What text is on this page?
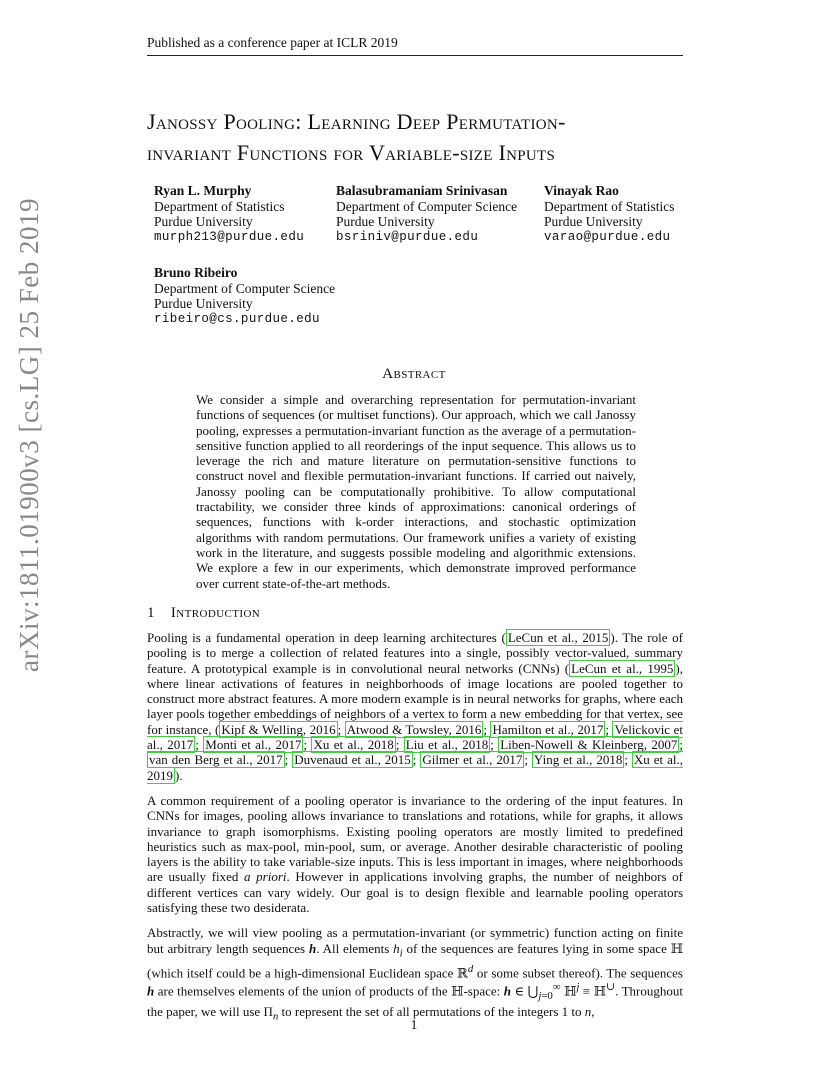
Published as a conference paper at ICLR 2019
Janossy Pooling: Learning Deep Permutation-
invariant Functions for Variable-size Inputs
Ryan L. Murphy
Department of Statistics
Purdue University
murph213@purdue.edu
Balasubramaniam Srinivasan
Department of Computer Science
Purdue University
bsriniv@purdue.edu
Vinayak Rao
Department of Statistics
Purdue University
varao@purdue.edu
Bruno Ribeiro
Department of Computer Science
Purdue University
ribeiro@cs.purdue.edu
arXiv:1811.01900v3 [cs.LG] 25 Feb 2019	Abstract

We consider a simple and overarching representation for permutation-invariant functions of sequences (or multiset functions). Our approach, which we call Janossy pooling, expresses a permutation-invariant function as the average of a permutation-sensitive function applied to all reorderings of the input sequence. This allows us to leverage the rich and mature literature on permutation-sensitive functions to construct novel and flexible permutation-invariant functions. If carried out naively, Janossy pooling can be computationally prohibitive. To allow computational tractability, we consider three kinds of approximations: canonical orderings of sequences, functions with k-order interactions, and stochastic optimization algorithms with random permutations. Our framework unifies a variety of existing work in the literature, and suggests possible modeling and algorithmic extensions. We explore a few in our experiments, which demonstrate improved performance over current state-of-the-art methods.

1 Introduction

Pooling is a fundamental operation in deep learning architectures ( LeCun et al., 2015 ). The role of pooling is to merge a collection of related features into a single, possibly vector-valued, summary feature. A prototypical example is in convolutional neural networks (CNNs) ( LeCun et al., 1995 ), where linear activations of features in neighborhoods of image locations are pooled together to construct more abstract features. A more modern example is in neural networks for graphs, where each layer pools together embeddings of neighbors of a vertex to form a new embedding for that vertex, see for instance, ( Kipf & Welling, 2016 ; Atwood & Towsley, 2016 ; Hamilton et al., 2017 ; Velickovic et al., 2017 ; Monti et al., 2017 ; Xu et al., 2018 ; Liu et al., 2018 ; Liben-Nowell & Kleinberg, 2007 ; van den Berg et al., 2017 ; Duvenaud et al., 2015 ; Gilmer et al., 2017 ; Ying et al., 2018 ; Xu et al., 2019 ).

A common requirement of a pooling operator is invariance to the ordering of the input features. In CNNs for images, pooling allows invariance to translations and rotations, while for graphs, it allows invariance to graph isomorphisms. Existing pooling operators are mostly limited to predefined heuristics such as max-pool, min-pool, sum, or average. Another desirable characteristic of pooling layers is the ability to take variable-size inputs. This is less important in images, where neighborhoods are usually fixed a priori. However in applications involving graphs, the number of neighbors of different vertices can vary widely. Our goal is to design flexible and learnable pooling operators satisfying these two desiderata.

Abstractly, we will view pooling as a permutation-invariant (or symmetric) function acting on finite but arbitrary length sequences h. All elements $h_i$ of the sequences are features lying in some space ℍ (which itself could be a high-dimensional Euclidean space ℝ$^d$ or some subset thereof). The sequences h are themselves elements of the union of products of the ℍ-space: h ∈ $⋃_{j=0}^\infty$ ℍ$^j$ ≡ ℍ∪. Throughout the paper, we will use $\Pi_n$ to represent the set of all permutations of the integers 1 to n,

1
